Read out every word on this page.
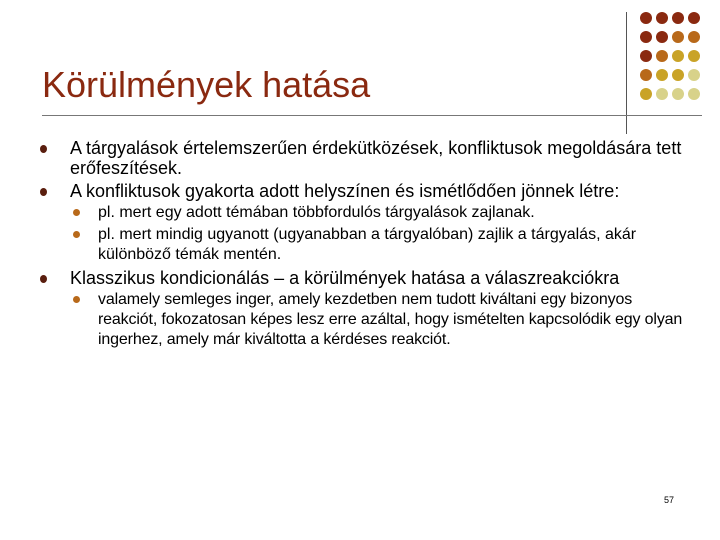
Körülmények hatása
A tárgyalások értelemszerűen érdekütközések, konfliktusok megoldására tett erőfeszítések.
A konfliktusok gyakorta adott helyszínen és ismétlődően jönnek létre:
pl. mert egy adott témában többfordulós tárgyalások zajlanak.
pl. mert mindig ugyanott (ugyanabban a tárgyalóban) zajlik a tárgyalás, akár különböző témák mentén.
Klasszikus kondicionálás – a körülmények hatása a válaszreakciókra
valamely semleges inger, amely kezdetben nem tudott kiváltani egy bizonyos reakciót, fokozatosan képes lesz erre azáltal, hogy ismételten kapcsolódik egy olyan ingerhez, amely már kiváltotta a kérdéses reakciót.
57
